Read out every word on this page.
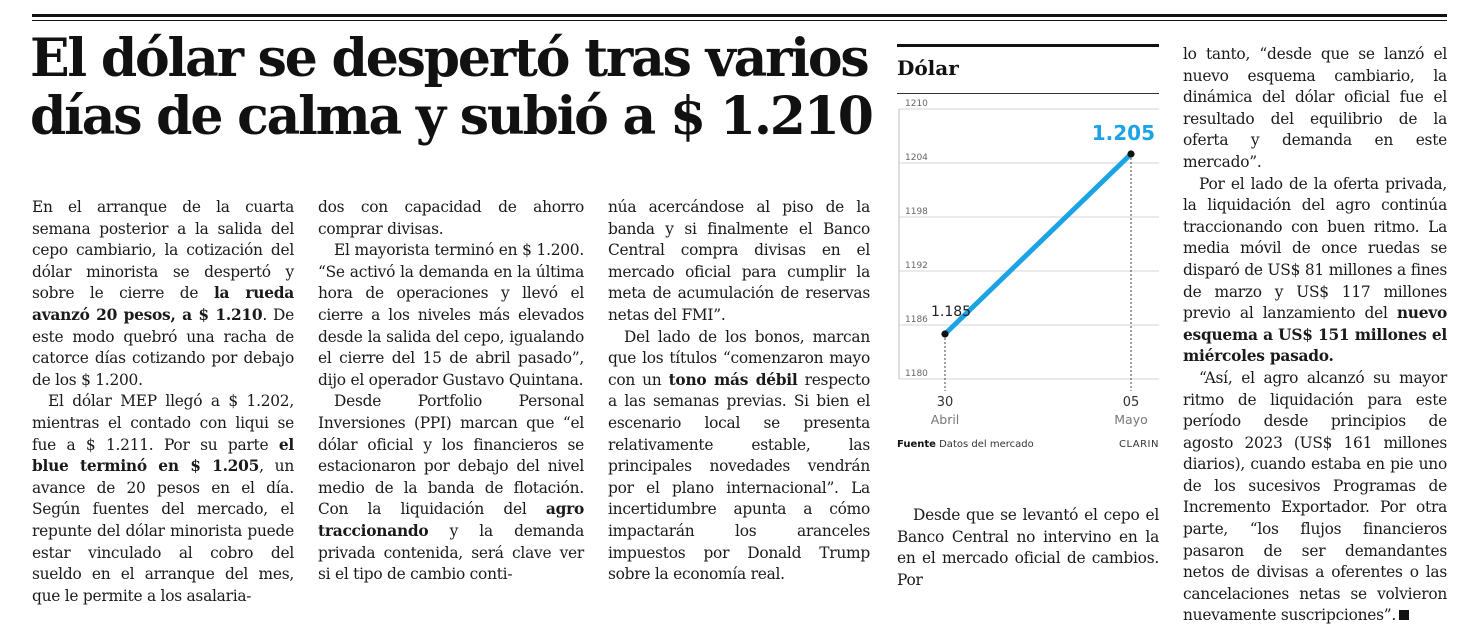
El dólar se despertó tras varios días de calma y subió a $ 1.210

En el arranque de la cuarta semana posterior a la salida del cepo cambiario, la cotización del dólar minorista se despertó y sobre le cierre de la rueda avanzó 20 pesos, a $ 1.210. De este modo quebró una racha de catorce días cotizando por debajo de los $ 1.200.

El dólar MEP llegó a $ 1.202, mientras el contado con liqui se fue a $ 1.211. Por su parte el blue terminó en $ 1.205, un avance de 20 pesos en el día. Según fuentes del mercado, el repunte del dólar minorista puede estar vinculado al cobro del sueldo en el arranque del mes, que le permite a los asalaria-

dos con capacidad de ahorro comprar divisas.

El mayorista terminó en $ 1.200. “Se activó la demanda en la última hora de operaciones y llevó el cierre a los niveles más elevados desde la salida del cepo, igualando el cierre del 15 de abril pasado”, dijo el operador Gustavo Quintana.

Desde Portfolio Personal Inversiones (PPI) marcan que “el dólar oficial y los financieros se estacionaron por debajo del nivel medio de la banda de flotación. Con la liquidación del agro traccionando y la demanda privada contenida, será clave ver si el tipo de cambio conti-

núa acercándose al piso de la banda y si finalmente el Banco Central compra divisas en el mercado oficial para cumplir la meta de acumulación de reservas netas del FMI”.

Del lado de los bonos, marcan que los títulos “comenzaron mayo con un tono más débil respecto a las semanas previas. Si bien el escenario local se presenta relativamente estable, las principales novedades vendrán por el plano internacional”. La incertidumbre apunta a cómo impactarán los aranceles impuestos por Donald Trump sobre la economía real.

Dólar

1180
1186
1192
1198
1204
1210
1.185
1.205
30
Abril
05
Mayo
Fuente Datos del mercado	CLARIN

Desde que se levantó el cepo el Banco Central no intervino en la en el mercado oficial de cambios. Por

lo tanto, “desde que se lanzó el nuevo esquema cambiario, la dinámica del dólar oficial fue el resultado del equilibrio de la oferta y demanda en este mercado”.

Por el lado de la oferta privada, la liquidación del agro continúa traccionando con buen ritmo. La media móvil de once ruedas se disparó de US$ 81 millones a fines de marzo y US$ 117 millones previo al lanzamiento del nuevo esquema a US$ 151 millones el miércoles pasado.

“Así, el agro alcanzó su mayor ritmo de liquidación para este período desde principios de agosto 2023 (US$ 161 millones diarios), cuando estaba en pie uno de los sucesivos Programas de Incremento Exportador. Por otra parte, “los flujos financieros pasaron de ser demandantes netos de divisas a oferentes o las cancelaciones netas se volvieron nuevamente suscripciones”.
